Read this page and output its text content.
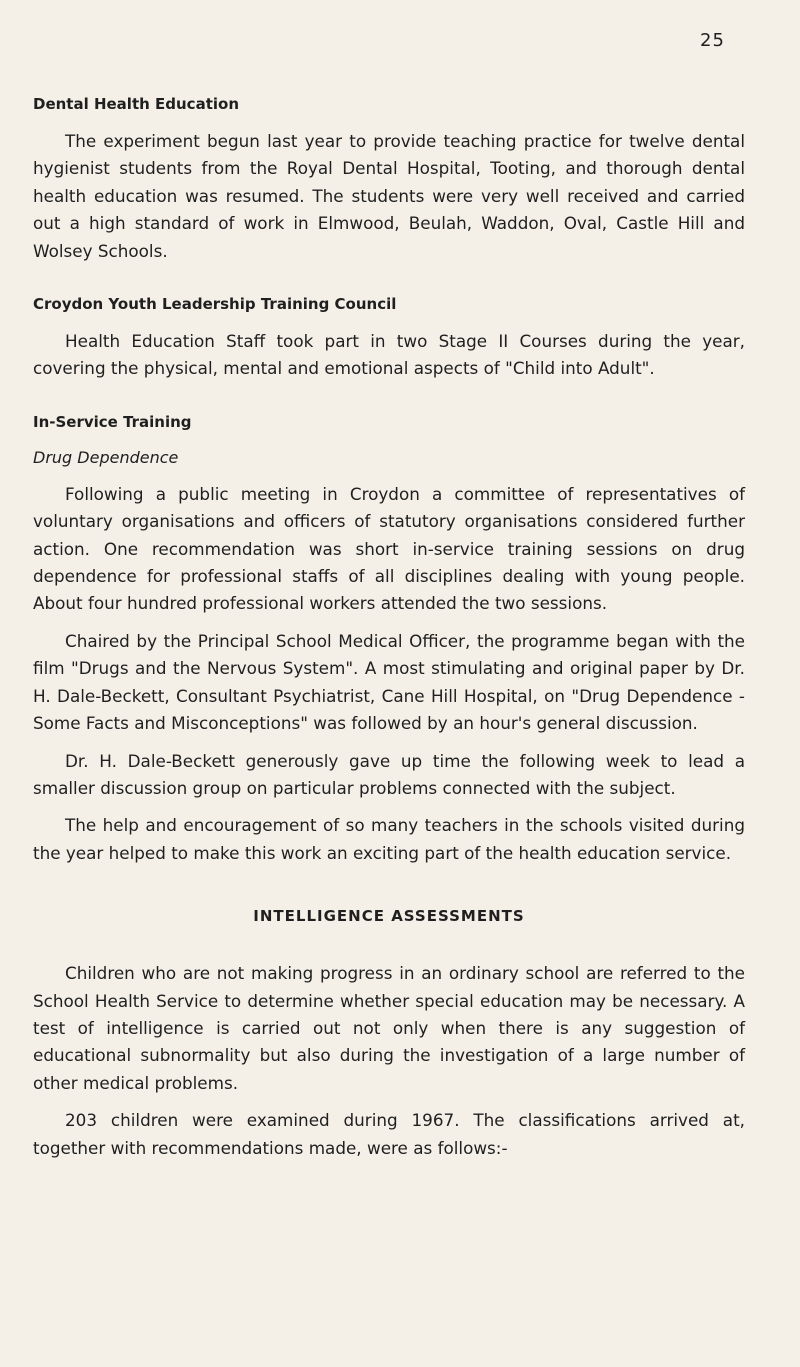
25
Dental Health Education

The experiment begun last year to provide teaching practice for twelve dental hygienist students from the Royal Dental Hospital, Tooting, and thorough dental health education was resumed. The students were very well received and carried out a high standard of work in Elmwood, Beulah, Waddon, Oval, Castle Hill and Wolsey Schools.

Croydon Youth Leadership Training Council

Health Education Staff took part in two Stage II Courses during the year, covering the physical, mental and emotional aspects of "Child into Adult".

In-Service Training
Drug Dependence

Following a public meeting in Croydon a committee of representatives of voluntary organisations and officers of statutory organisations considered further action. One recommendation was short in-service training sessions on drug dependence for professional staffs of all disciplines dealing with young people. About four hundred professional workers attended the two sessions.

Chaired by the Principal School Medical Officer, the programme began with the film "Drugs and the Nervous System". A most stimulating and original paper by Dr. H. Dale-Beckett, Consultant Psychiatrist, Cane Hill Hospital, on "Drug Dependence - Some Facts and Misconceptions" was followed by an hour's general discussion.

Dr. H. Dale-Beckett generously gave up time the following week to lead a smaller discussion group on particular problems connected with the subject.

The help and encouragement of so many teachers in the schools visited during the year helped to make this work an exciting part of the health education service.

INTELLIGENCE ASSESSMENTS

Children who are not making progress in an ordinary school are referred to the School Health Service to determine whether special education may be necessary. A test of intelligence is carried out not only when there is any suggestion of educational subnormality but also during the investigation of a large number of other medical problems.

203 children were examined during 1967. The classifications arrived at, together with recommendations made, were as follows:-
